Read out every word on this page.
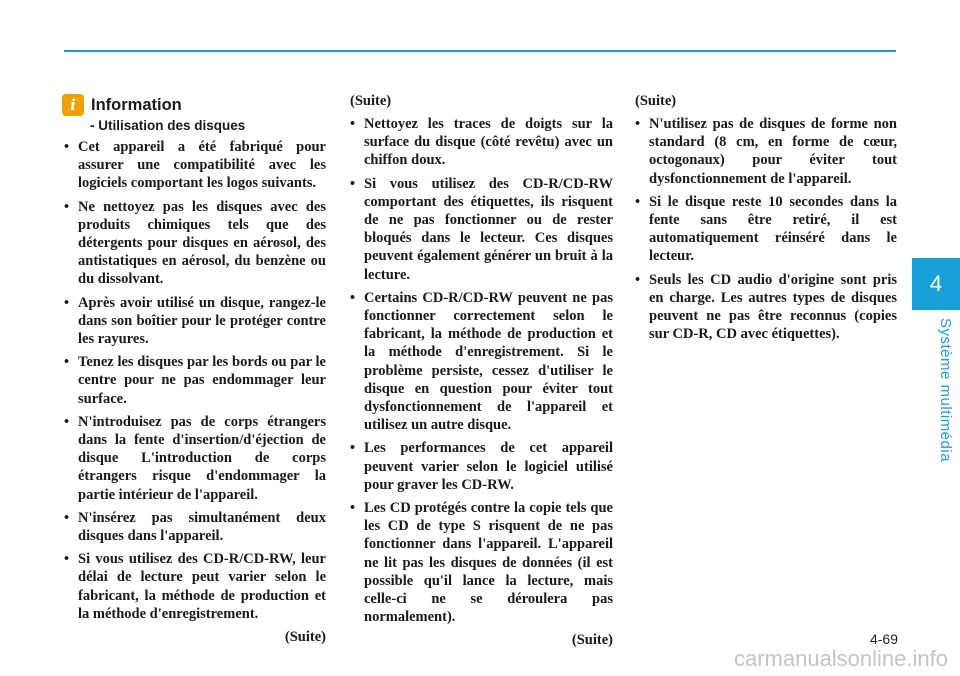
4
Système multimédia
i Information
- Utilisation des disques
• Cet appareil a été fabriqué pour assurer une compatibilité avec les logiciels comportant les logos suivants.
• Ne nettoyez pas les disques avec des produits chimiques tels que des détergents pour disques en aérosol, des antistatiques en aérosol, du benzène ou du dissolvant.
• Après avoir utilisé un disque, rangez-le dans son boîtier pour le protéger contre les rayures.
• Tenez les disques par les bords ou par le centre pour ne pas endommager leur surface.
• N'introduisez pas de corps étrangers dans la fente d'insertion/d'éjection de disque L'introduction de corps étrangers risque d'endommager la partie intérieur de l'appareil.
• N'insérez pas simultanément deux disques dans l'appareil.
• Si vous utilisez des CD-R/CD-RW, leur délai de lecture peut varier selon le fabricant, la méthode de production et la méthode d'enregistrement.
(Suite)
(Suite)
• Nettoyez les traces de doigts sur la surface du disque (côté revêtu) avec un chiffon doux.
• Si vous utilisez des CD-R/CD-RW comportant des étiquettes, ils risquent de ne pas fonctionner ou de rester bloqués dans le lecteur. Ces disques peuvent également générer un bruit à la lecture.
• Certains CD-R/CD-RW peuvent ne pas fonctionner correctement selon le fabricant, la méthode de production et la méthode d'enregistrement. Si le problème persiste, cessez d'utiliser le disque en question pour éviter tout dysfonctionnement de l'appareil et utilisez un autre disque.
• Les performances de cet appareil peuvent varier selon le logiciel utilisé pour graver les CD-RW.
• Les CD protégés contre la copie tels que les CD de type S risquent de ne pas fonctionner dans l'appareil. L'appareil ne lit pas les disques de données (il est possible qu'il lance la lecture, mais celle-ci ne se déroulera pas normalement).
(Suite)
(Suite)
• N'utilisez pas de disques de forme non standard (8 cm, en forme de cœur, octogonaux) pour éviter tout dysfonctionnement de l'appareil.
• Si le disque reste 10 secondes dans la fente sans être retiré, il est automatiquement réinséré dans le lecteur.
• Seuls les CD audio d'origine sont pris en charge. Les autres types de disques peuvent ne pas être reconnus (copies sur CD-R, CD avec étiquettes).
4-69
carmanualsonline.info
